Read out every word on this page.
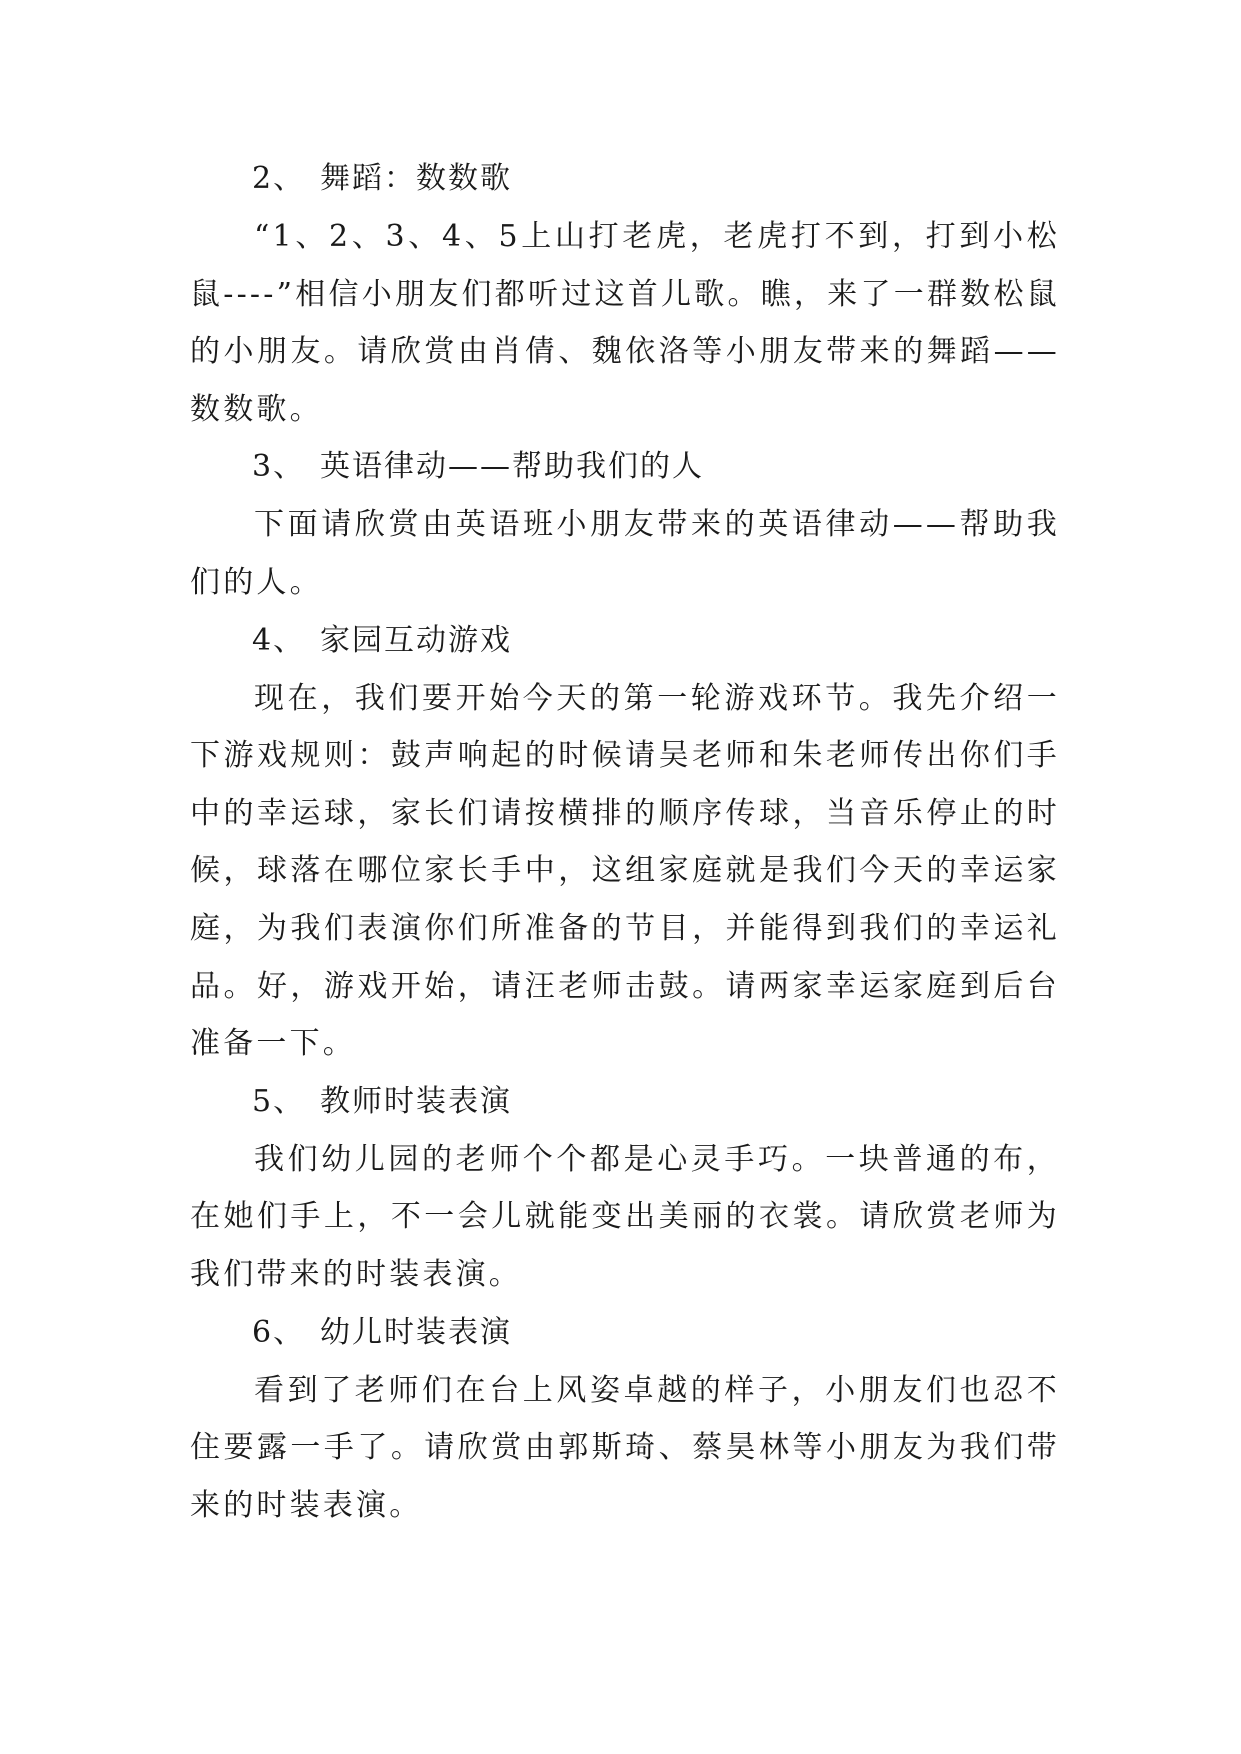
2、 舞蹈：数数歌

“1、2、3、4、5上山打老虎，老虎打不到，打到小松鼠----”相信小朋友们都听过这首儿歌。瞧，来了一群数松鼠的小朋友。请欣赏由肖倩、魏依洛等小朋友带来的舞蹈——数数歌。

3、 英语律动——帮助我们的人

下面请欣赏由英语班小朋友带来的英语律动——帮助我们的人。

4、 家园互动游戏

现在，我们要开始今天的第一轮游戏环节。我先介绍一下游戏规则：鼓声响起的时候请吴老师和朱老师传出你们手中的幸运球，家长们请按横排的顺序传球，当音乐停止的时候，球落在哪位家长手中，这组家庭就是我们今天的幸运家庭，为我们表演你们所准备的节目，并能得到我们的幸运礼品。好，游戏开始，请汪老师击鼓。请两家幸运家庭到后台准备一下。

5、 教师时装表演

我们幼儿园的老师个个都是心灵手巧。一块普通的布，在她们手上，不一会儿就能变出美丽的衣裳。请欣赏老师为我们带来的时装表演。

6、 幼儿时装表演

看到了老师们在台上风姿卓越的样子，小朋友们也忍不住要露一手了。请欣赏由郭斯琦、蔡昊林等小朋友为我们带来的时装表演。
